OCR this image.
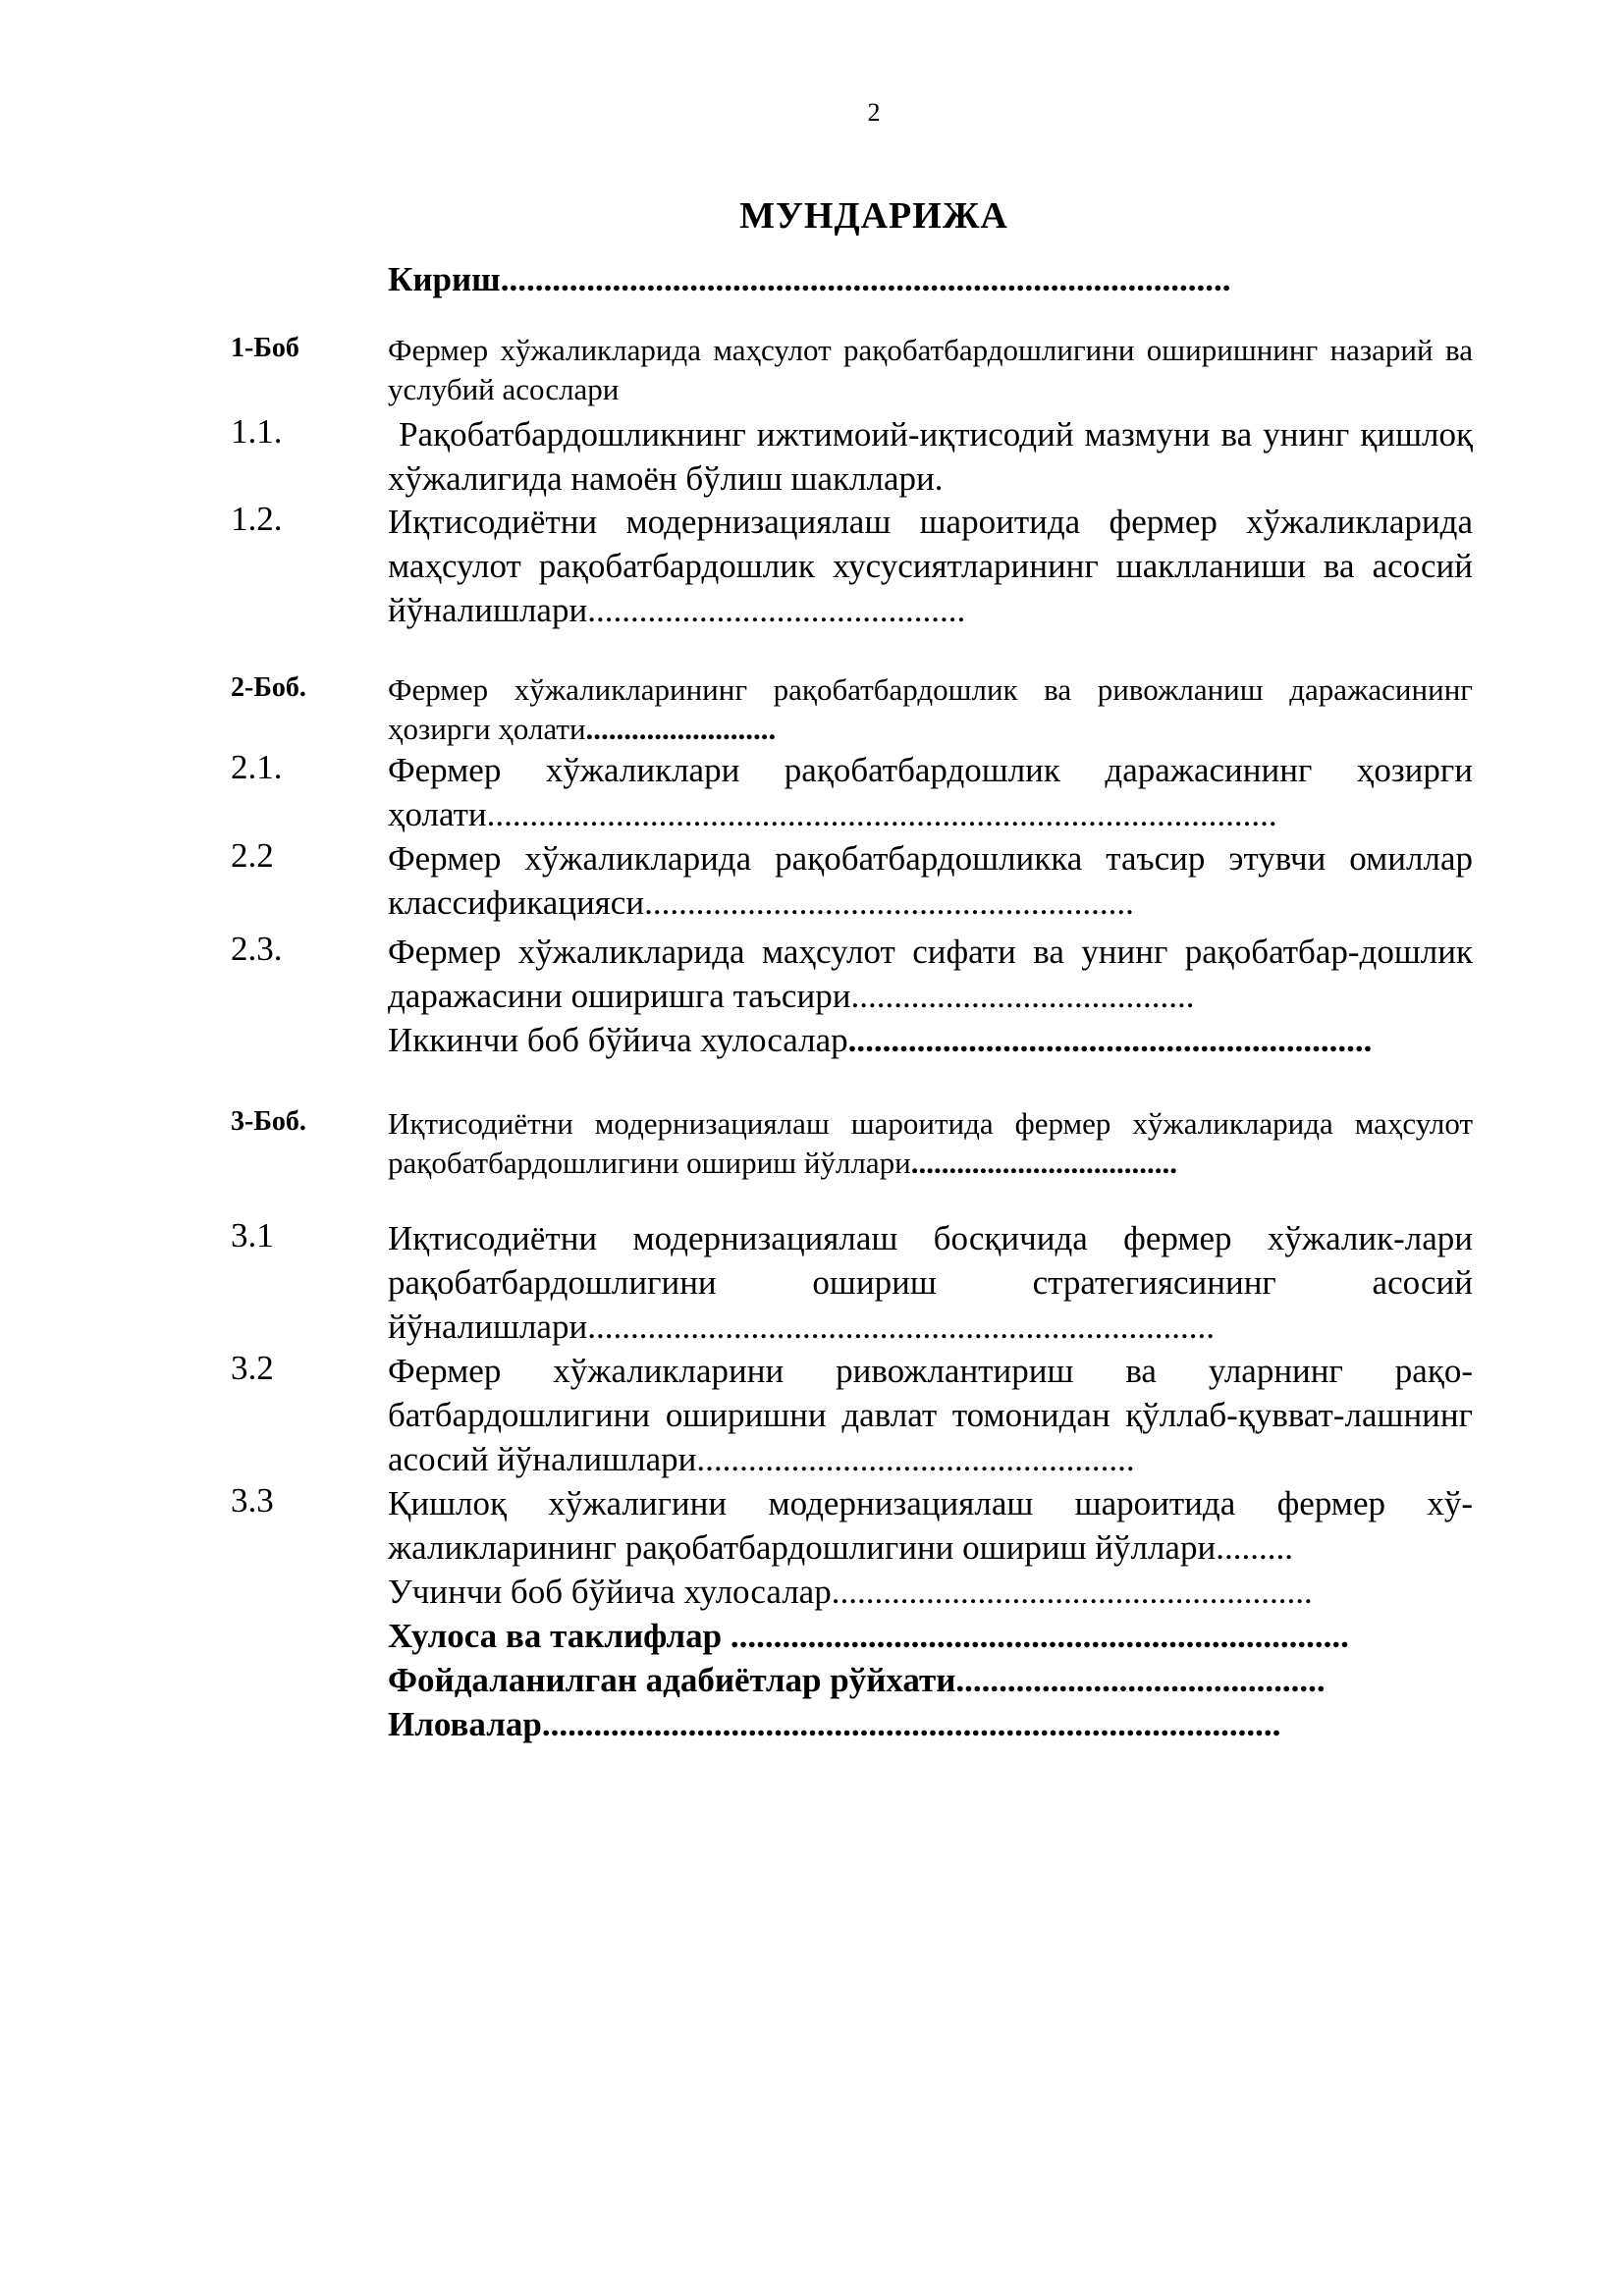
2
МУНДАРИЖА
Кириш.....................................................................................
1-Боб	Фермер хўжаликларида маҳсулот рақобатбардошлигини оширишнинг назарий ва услубий асослари
1.1.	Рақобатбардошликнинг ижтимоий-иқтисодий мазмуни ва унинг қишлоқ хўжалигида намоён бўлиш шакллари.
1.2.	Иқтисодиётни модернизациялаш шароитида фермер хўжаликларида маҳсулот рақобатбардошлик хусусиятларининг шаклланиши ва асосий йўналишлари............................................
2-Боб.	Фермер хўжаликларининг рақобатбардошлик ва ривожланиш даражасининг ҳозирги ҳолати.........................
2.1.	Фермер хўжаликлари рақобатбардошлик даражасининг ҳозирги ҳолати............................................................................................
2.2	Фермер хўжаликларида рақобатбардошликка таъсир этувчи омиллар классификацияси.........................................................
2.3.	Фермер хўжаликларида маҳсулот сифати ва унинг рақобатбар-дошлик даражасини оширишга таъсири........................................
Иккинчи боб бўйича хулосалар.............................................................
3-Боб.	Иқтисодиётни модернизациялаш шароитида фермер хўжаликларида маҳсулот рақобатбардошлигини ошириш йўллари...................................
3.1	Иқтисодиётни модернизациялаш босқичида фермер хўжалик-лари рақобатбардошлигини ошириш стратегиясининг асосий йўналишлари.........................................................................
3.2	Фермер хўжаликларини ривожлантириш ва уларнинг рақо-батбардошлигини оширишни давлат томонидан қўллаб-қувват-лашнинг асосий йўналишлари...................................................
3.3	Қишлоқ хўжалигини модернизациялаш шароитида фермер хў-жаликларининг рақобатбардошлигини ошириш йўллари.........
Учинчи боб бўйича хулосалар........................................................
Хулоса ва таклифлар ........................................................................
Фойдаланилган адабиётлар рўйхати...........................................
Иловалар......................................................................................
